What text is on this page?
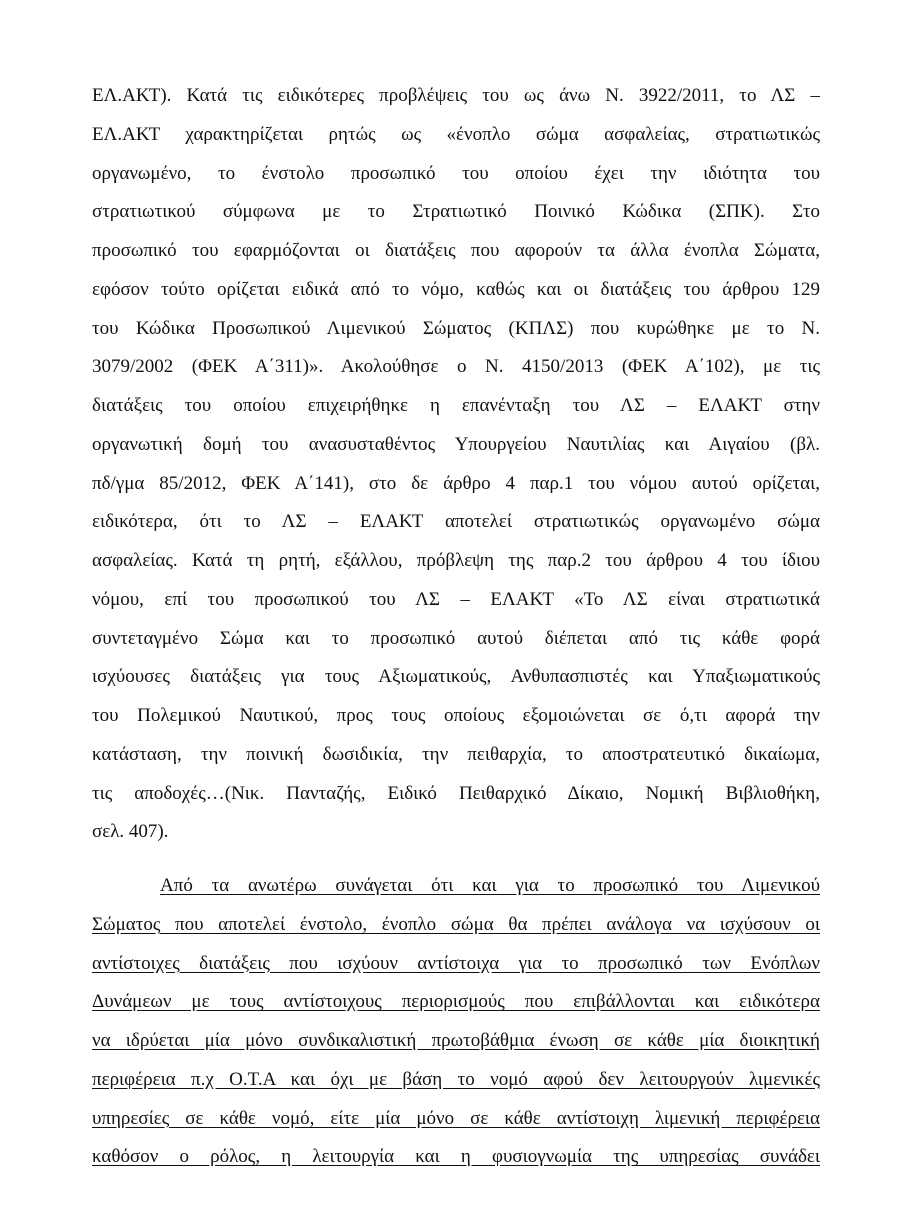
ΕΛ.ΑΚΤ). Κατά τις ειδικότερες προβλέψεις του ως άνω Ν. 3922/2011, το ΛΣ –
ΕΛ.ΑΚΤ χαρακτηρίζεται ρητώς ως «ένοπλο σώμα ασφαλείας, στρατιωτικώς
οργανωμένο, το ένστολο προσωπικό του οποίου έχει την ιδιότητα του
στρατιωτικού σύμφωνα με το Στρατιωτικό Ποινικό Κώδικα (ΣΠΚ). Στο
προσωπικό του εφαρμόζονται οι διατάξεις που αφορούν τα άλλα ένοπλα Σώματα,
εφόσον τούτο ορίζεται ειδικά από το νόμο, καθώς και οι διατάξεις του άρθρου 129
του Κώδικα Προσωπικού Λιμενικού Σώματος (ΚΠΛΣ) που κυρώθηκε με το Ν.
3079/2002 (ΦΕΚ Α΄311)». Ακολούθησε ο Ν. 4150/2013 (ΦΕΚ Α΄102), με τις
διατάξεις του οποίου επιχειρήθηκε η επανένταξη του ΛΣ – ΕΛΑΚΤ στην
οργανωτική δομή του ανασυσταθέντος Υπουργείου Ναυτιλίας και Αιγαίου (βλ.
πδ/γμα 85/2012, ΦΕΚ Α΄141), στο δε άρθρο 4 παρ.1 του νόμου αυτού ορίζεται,
ειδικότερα, ότι το ΛΣ – ΕΛΑΚΤ αποτελεί στρατιωτικώς οργανωμένο σώμα
ασφαλείας. Κατά τη ρητή, εξάλλου, πρόβλεψη της παρ.2 του άρθρου 4 του ίδιου
νόμου, επί του προσωπικού του ΛΣ – ΕΛΑΚΤ «Το ΛΣ είναι στρατιωτικά
συντεταγμένο Σώμα και το προσωπικό αυτού διέπεται από τις κάθε φορά
ισχύουσες διατάξεις για τους Αξιωματικούς, Ανθυπασπιστές και Υπαξιωματικούς
του Πολεμικού Ναυτικού, προς τους οποίους εξομοιώνεται σε ό,τι αφορά την
κατάσταση, την ποινική δωσιδικία, την πειθαρχία, το αποστρατευτικό δικαίωμα,
τις αποδοχές…(Νικ. Πανταζής, Ειδικό Πειθαρχικό Δίκαιο, Νομική Βιβλιοθήκη,
σελ. 407).
Από τα ανωτέρω συνάγεται ότι και για το προσωπικό του Λιμενικού
Σώματος που αποτελεί ένστολο, ένοπλο σώμα θα πρέπει ανάλογα να ισχύσουν οι
αντίστοιχες διατάξεις που ισχύουν αντίστοιχα για το προσωπικό των Ενόπλων
Δυνάμεων με τους αντίστοιχους περιορισμούς που επιβάλλονται και ειδικότερα
να ιδρύεται μία μόνο συνδικαλιστική πρωτοβάθμια ένωση σε κάθε μία διοικητική
περιφέρεια π.χ Ο.Τ.Α και όχι με βάση το νομό αφού δεν λειτουργούν λιμενικές
υπηρεσίες σε κάθε νομό, είτε μία μόνο σε κάθε αντίστοιχη λιμενική περιφέρεια
καθόσον ο ρόλος, η λειτουργία και η φυσιογνωμία της υπηρεσίας συνάδει
